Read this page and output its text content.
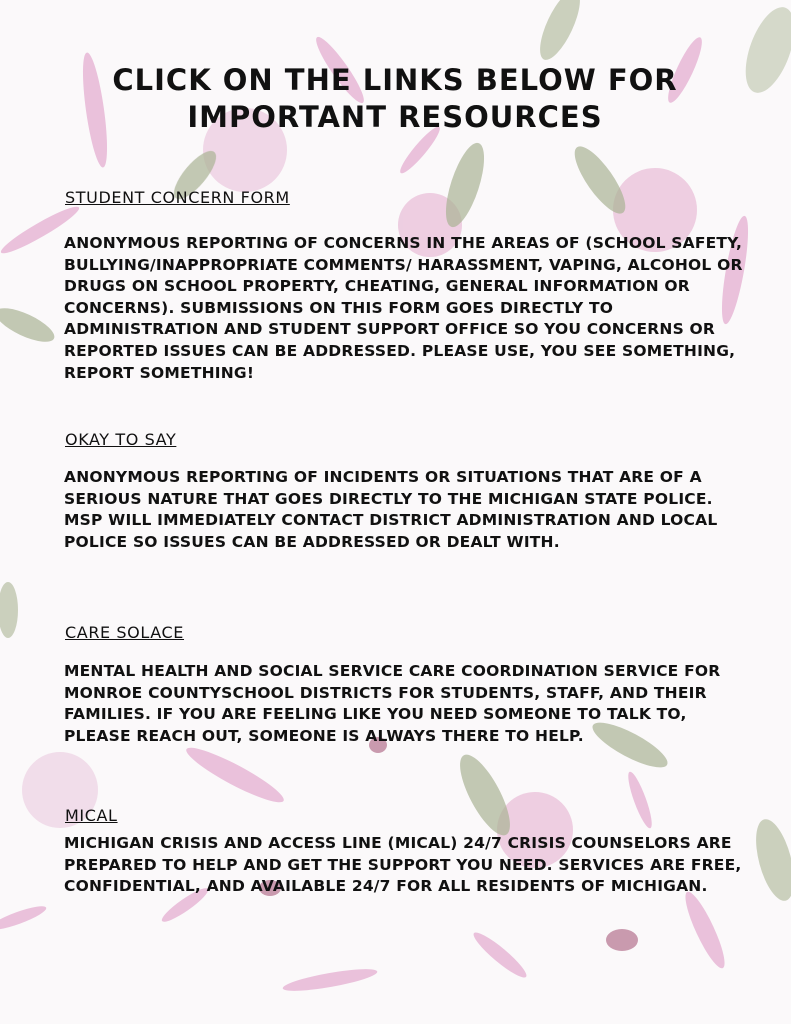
CLICK ON THE LINKS BELOW FOR IMPORTANT RESOURCES
STUDENT CONCERN FORM

ANONYMOUS REPORTING OF CONCERNS IN THE AREAS OF (SCHOOL SAFETY, BULLYING/INAPPROPRIATE COMMENTS/ HARASSMENT, VAPING, ALCOHOL OR DRUGS ON SCHOOL PROPERTY, CHEATING, GENERAL INFORMATION OR CONCERNS). SUBMISSIONS ON THIS FORM GOES DIRECTLY TO ADMINISTRATION AND STUDENT SUPPORT OFFICE SO YOU CONCERNS OR REPORTED ISSUES CAN BE ADDRESSED. PLEASE USE, YOU SEE SOMETHING, REPORT SOMETHING!

OKAY TO SAY

ANONYMOUS REPORTING OF INCIDENTS OR SITUATIONS THAT ARE OF A SERIOUS NATURE THAT GOES DIRECTLY TO THE MICHIGAN STATE POLICE. MSP WILL IMMEDIATELY CONTACT DISTRICT ADMINISTRATION AND LOCAL POLICE SO ISSUES CAN BE ADDRESSED OR DEALT WITH.

CARE SOLACE

MENTAL HEALTH AND SOCIAL SERVICE CARE COORDINATION SERVICE FOR MONROE COUNTYSCHOOL DISTRICTS FOR STUDENTS, STAFF, AND THEIR FAMILIES. IF YOU ARE FEELING LIKE YOU NEED SOMEONE TO TALK TO, PLEASE REACH OUT, SOMEONE IS ALWAYS THERE TO HELP.

MICAL

MICHIGAN CRISIS AND ACCESS LINE (MICAL) 24/7 CRISIS COUNSELORS ARE PREPARED TO HELP AND GET THE SUPPORT YOU NEED. SERVICES ARE FREE, CONFIDENTIAL, AND AVAILABLE 24/7 FOR ALL RESIDENTS OF MICHIGAN.
